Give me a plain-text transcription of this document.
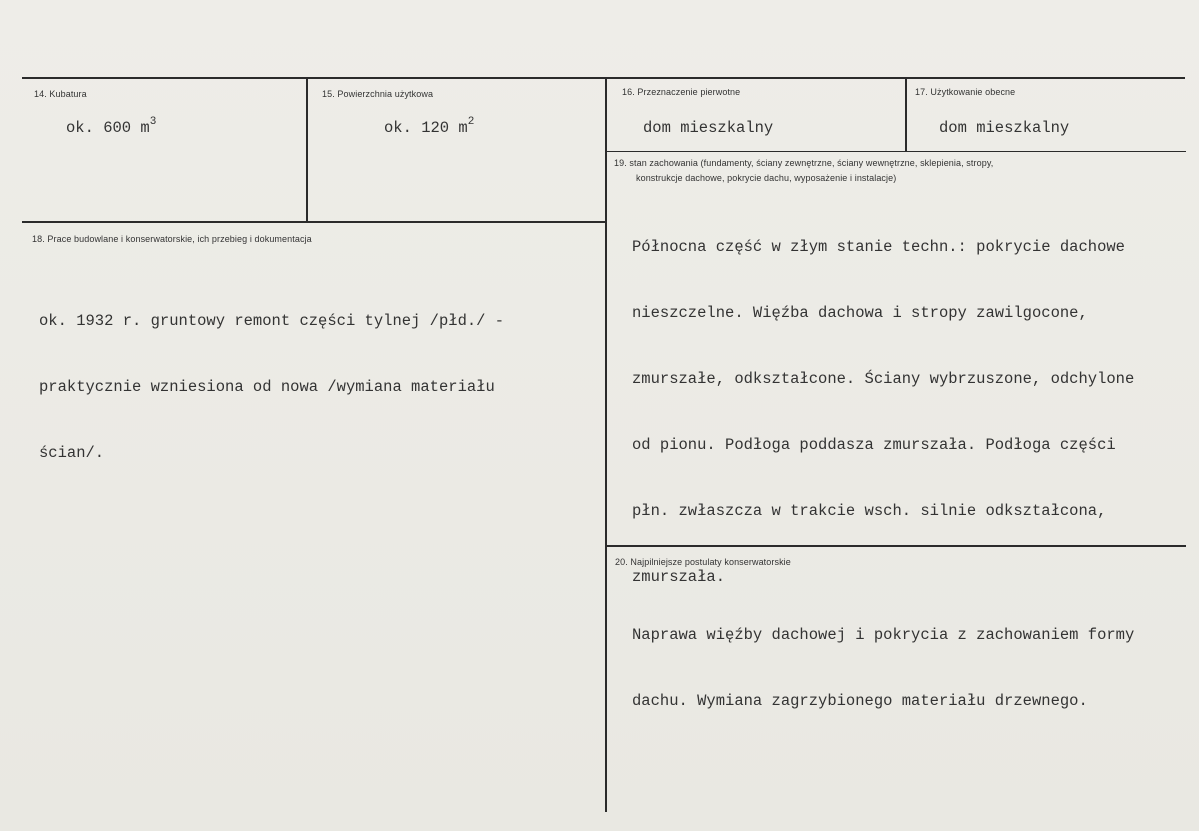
14. Kubatura
ok. 600 $m^3$
15. Powierzchnia użytkowa
ok. 120 $m^2$
16. Przeznaczenie pierwotne
dom mieszkalny
17. Użytkowanie obecne
dom mieszkalny
18. Prace budowlane i konserwatorskie, ich przebieg i dokumentacja

ok. 1932 r. gruntowy remont części tylnej /płd./ -

praktycznie wzniesiona od nowa /wymiana materiału

ścian/.

19. stan zachowania (fundamenty, ściany zewnętrzne, ściany wewnętrzne, sklepienia, stropy,
konstrukcje dachowe, pokrycie dachu, wyposażenie i instalacje)

Północna część w złym stanie techn.: pokrycie dachowe

nieszczelne. Więźba dachowa i stropy zawilgocone,

zmurszałe, odkształcone. Ściany wybrzuszone, odchylone

od pionu. Podłoga poddasza zmurszała. Podłoga części

płn. zwłaszcza w trakcie wsch. silnie odkształcona,

zmurszała.

20. Najpilniejsze postulaty konserwatorskie

Naprawa więźby dachowej i pokrycia z zachowaniem formy

dachu. Wymiana zagrzybionego materiału drzewnego.
